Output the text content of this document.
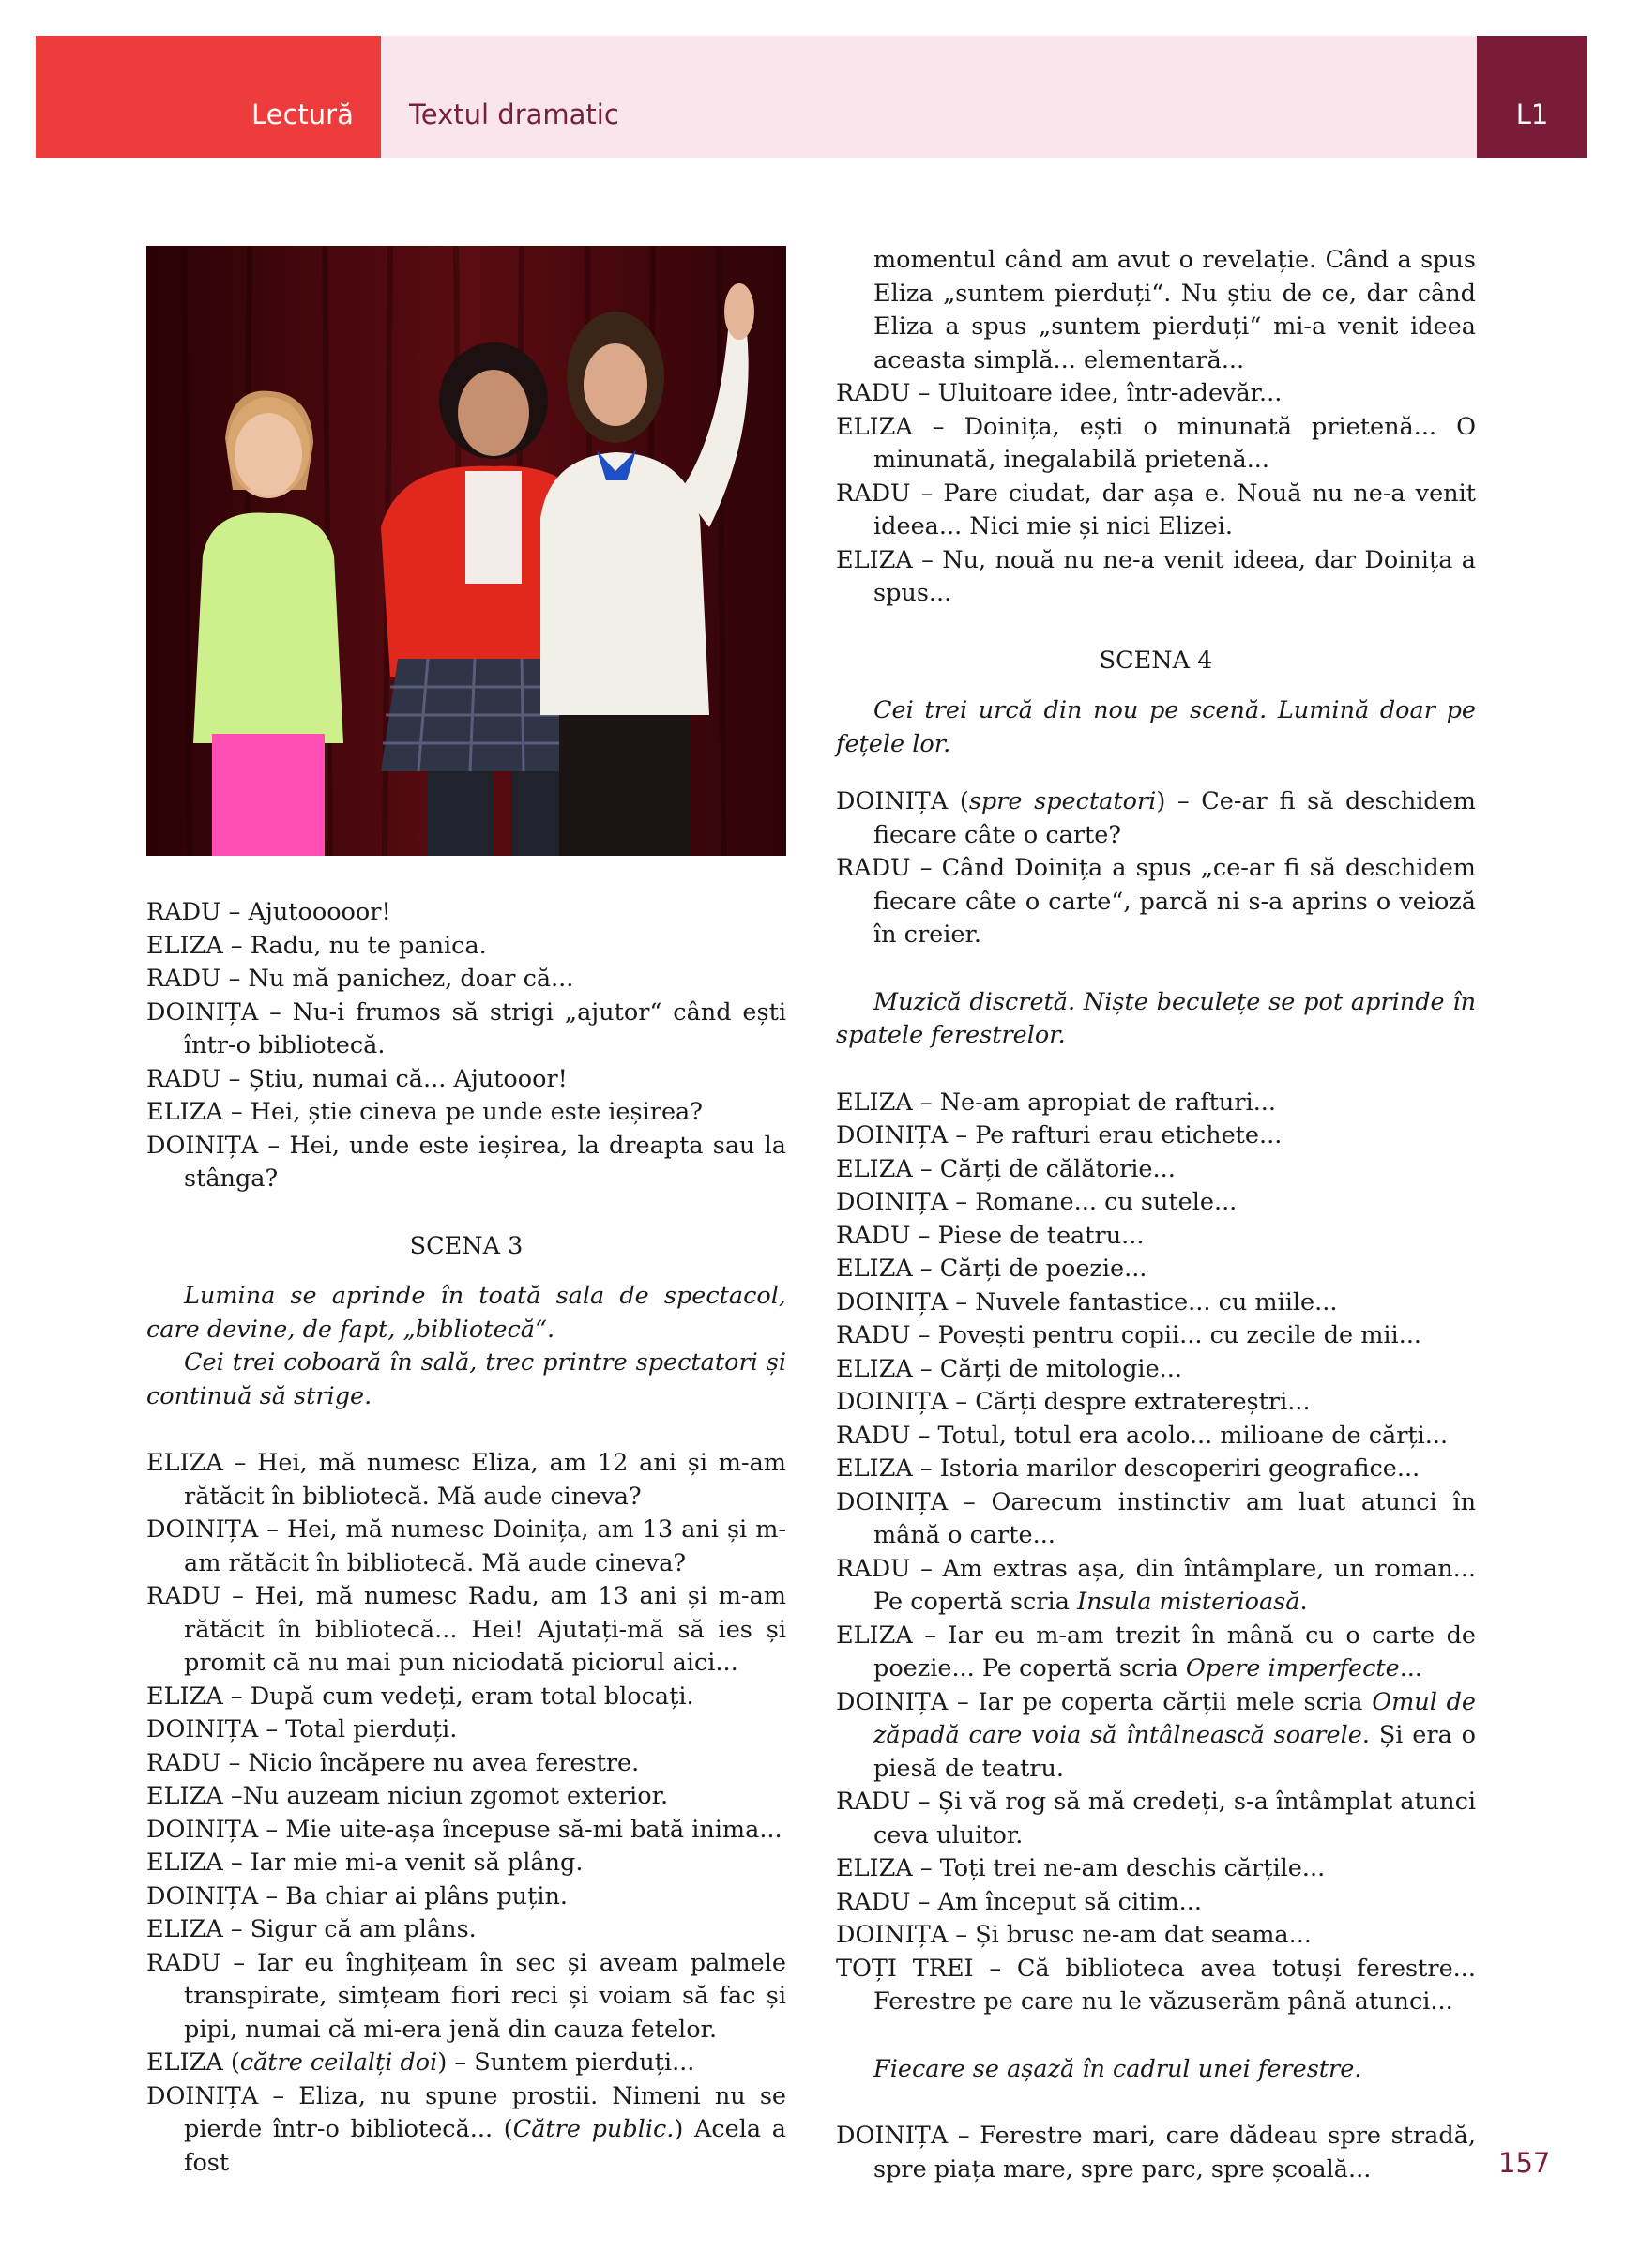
Lectură Textul dramatic	L1
RADU – Ajutooooor!
ELIZA – Radu, nu te panica.
RADU – Nu mă panichez, doar că...
DOINIȚA – Nu-i frumos să strigi „ajutor“ când ești într-o bibliotecă.
RADU – Știu, numai că... Ajutooor!
ELIZA – Hei, știe cineva pe unde este ieșirea?
DOINIȚA – Hei, unde este ieșirea, la dreapta sau la stânga?
SCENA 3
Lumina se aprinde în toată sala de spectacol, care devine, de fapt, „bibliotecă“.
Cei trei coboară în sală, trec printre spectatori și continuă să strige.
ELIZA – Hei, mă numesc Eliza, am 12 ani și m-am rătăcit în bibliotecă. Mă aude cineva?
DOINIȚA – Hei, mă numesc Doinița, am 13 ani și m-am rătăcit în bibliotecă. Mă aude cineva?
RADU – Hei, mă numesc Radu, am 13 ani și m-am rătăcit în bibliotecă... Hei! Ajutați-mă să ies și promit că nu mai pun niciodată piciorul aici...
ELIZA – După cum vedeți, eram total blocați.
DOINIȚA – Total pierduți.
RADU – Nicio încăpere nu avea ferestre.
ELIZA –Nu auzeam niciun zgomot exterior.
DOINIȚA – Mie uite-așa începuse să-mi bată inima...
ELIZA – Iar mie mi-a venit să plâng.
DOINIȚA – Ba chiar ai plâns puțin.
ELIZA – Sigur că am plâns.
RADU – Iar eu înghițeam în sec și aveam palmele transpirate, simțeam fiori reci și voiam să fac și pipi, numai că mi-era jenă din cauza fetelor.
ELIZA (către ceilalți doi) – Suntem pierduți...
DOINIȚA – Eliza, nu spune prostii. Nimeni nu se pierde într-o bibliotecă... (Către public.) Acela a fost
momentul când am avut o revelație. Când a spus Eliza „suntem pierduți“. Nu știu de ce, dar când Eliza a spus „suntem pierduți“ mi-a venit ideea aceasta simplă... elementară...
RADU – Uluitoare idee, într-adevăr...
ELIZA – Doinița, ești o minunată prietenă... O minunată, inegalabilă prietenă...
RADU – Pare ciudat, dar așa e. Nouă nu ne-a venit ideea... Nici mie și nici Elizei.
ELIZA – Nu, nouă nu ne-a venit ideea, dar Doinița a spus...
SCENA 4
Cei trei urcă din nou pe scenă. Lumină doar pe fețele lor.
DOINIȚA (spre spectatori) – Ce-ar fi să deschidem fiecare câte o carte?
RADU – Când Doinița a spus „ce-ar fi să deschidem fiecare câte o carte“, parcă ni s-a aprins o veioză în creier.
Muzică discretă. Niște beculețe se pot aprinde în spatele ferestrelor.
ELIZA – Ne-am apropiat de rafturi...
DOINIȚA – Pe rafturi erau etichete...
ELIZA – Cărți de călătorie...
DOINIȚA – Romane... cu sutele...
RADU – Piese de teatru...
ELIZA – Cărți de poezie...
DOINIȚA – Nuvele fantastice... cu miile...
RADU – Povești pentru copii... cu zecile de mii...
ELIZA – Cărți de mitologie...
DOINIȚA – Cărți despre extratereștri...
RADU – Totul, totul era acolo... milioane de cărți...
ELIZA – Istoria marilor descoperiri geografice...
DOINIȚA – Oarecum instinctiv am luat atunci în mână o carte...
RADU – Am extras așa, din întâmplare, un roman... Pe copertă scria Insula misterioasă.
ELIZA – Iar eu m-am trezit în mână cu o carte de poezie... Pe copertă scria Opere imperfecte...
DOINIȚA – Iar pe coperta cărții mele scria Omul de zăpadă care voia să întâlnească soarele. Și era o piesă de teatru.
RADU – Și vă rog să mă credeți, s-a întâmplat atunci ceva uluitor.
ELIZA – Toți trei ne-am deschis cărțile...
RADU – Am început să citim...
DOINIȚA – Și brusc ne-am dat seama...
TOȚI TREI – Că biblioteca avea totuși ferestre... Ferestre pe care nu le văzuserăm până atunci...
Fiecare se așază în cadrul unei ferestre.
DOINIȚA – Ferestre mari, care dădeau spre stradă, spre piața mare, spre parc, spre școală...	157
